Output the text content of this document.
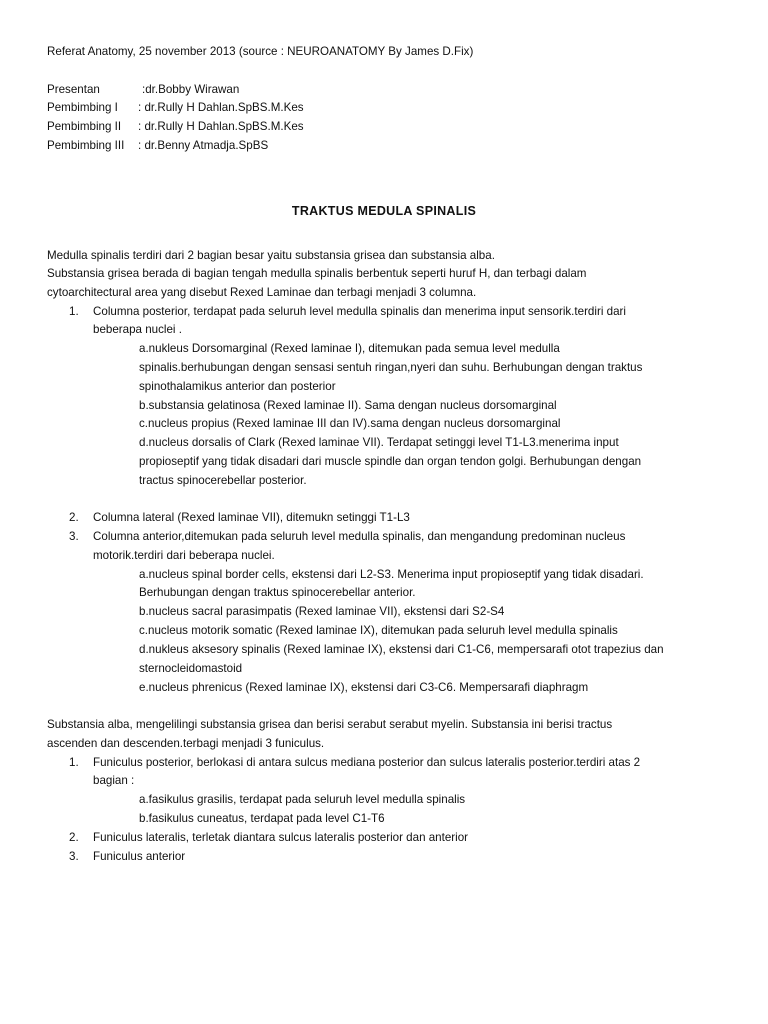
Referat Anatomy, 25 november 2013 (source : NEUROANATOMY By James D.Fix)
Presentan	:dr.Bobby Wirawan
Pembimbing I : dr.Rully H Dahlan.SpBS.M.Kes
Pembimbing II : dr.Rully H Dahlan.SpBS.M.Kes
Pembimbing III : dr.Benny Atmadja.SpBS
TRAKTUS MEDULA SPINALIS
Medulla spinalis terdiri dari 2 bagian besar yaitu substansia grisea dan substansia alba.
Substansia grisea berada di bagian tengah medulla spinalis berbentuk seperti huruf H, dan terbagi dalam
cytoarchitectural area yang disebut Rexed Laminae dan terbagi menjadi 3 columna.
1. Columna posterior, terdapat pada seluruh level medulla spinalis dan menerima input sensorik.terdiri dari
beberapa nuclei .
a.nukleus Dorsomarginal (Rexed laminae I), ditemukan pada semua level medulla
spinalis.berhubungan dengan sensasi sentuh ringan,nyeri dan suhu. Berhubungan dengan traktus
spinothalamikus anterior dan posterior
b.substansia gelatinosa (Rexed laminae II). Sama dengan nucleus dorsomarginal
c.nucleus propius (Rexed laminae III dan IV).sama dengan nucleus dorsomarginal
d.nucleus dorsalis of Clark (Rexed laminae VII). Terdapat setinggi level T1-L3.menerima input
propioseptif yang tidak disadari dari muscle spindle dan organ tendon golgi. Berhubungan dengan
tractus spinocerebellar posterior.
2. Columna lateral (Rexed laminae VII), ditemukn setinggi T1-L3
3. Columna anterior,ditemukan pada seluruh level medulla spinalis, dan mengandung predominan nucleus
motorik.terdiri dari beberapa nuclei.
a.nucleus spinal border cells, ekstensi dari L2-S3. Menerima input propioseptif yang tidak disadari.
Berhubungan dengan traktus spinocerebellar anterior.
b.nucleus sacral parasimpatis (Rexed laminae VII), ekstensi dari S2-S4
c.nucleus motorik somatic (Rexed laminae IX), ditemukan pada seluruh level medulla spinalis
d.nukleus aksesory spinalis (Rexed laminae IX), ekstensi dari C1-C6, mempersarafi otot trapezius dan
sternocleidomastoid
e.nucleus phrenicus (Rexed laminae IX), ekstensi dari C3-C6. Mempersarafi diaphragm
Substansia alba, mengelilingi substansia grisea dan berisi serabut serabut myelin. Substansia ini berisi tractus
ascenden dan descenden.terbagi menjadi 3 funiculus.
1. Funiculus posterior, berlokasi di antara sulcus mediana posterior dan sulcus lateralis posterior.terdiri atas 2
bagian :
a.fasikulus grasilis, terdapat pada seluruh level medulla spinalis
b.fasikulus cuneatus, terdapat pada level C1-T6
2. Funiculus lateralis, terletak diantara sulcus lateralis posterior dan anterior
3. Funiculus anterior
